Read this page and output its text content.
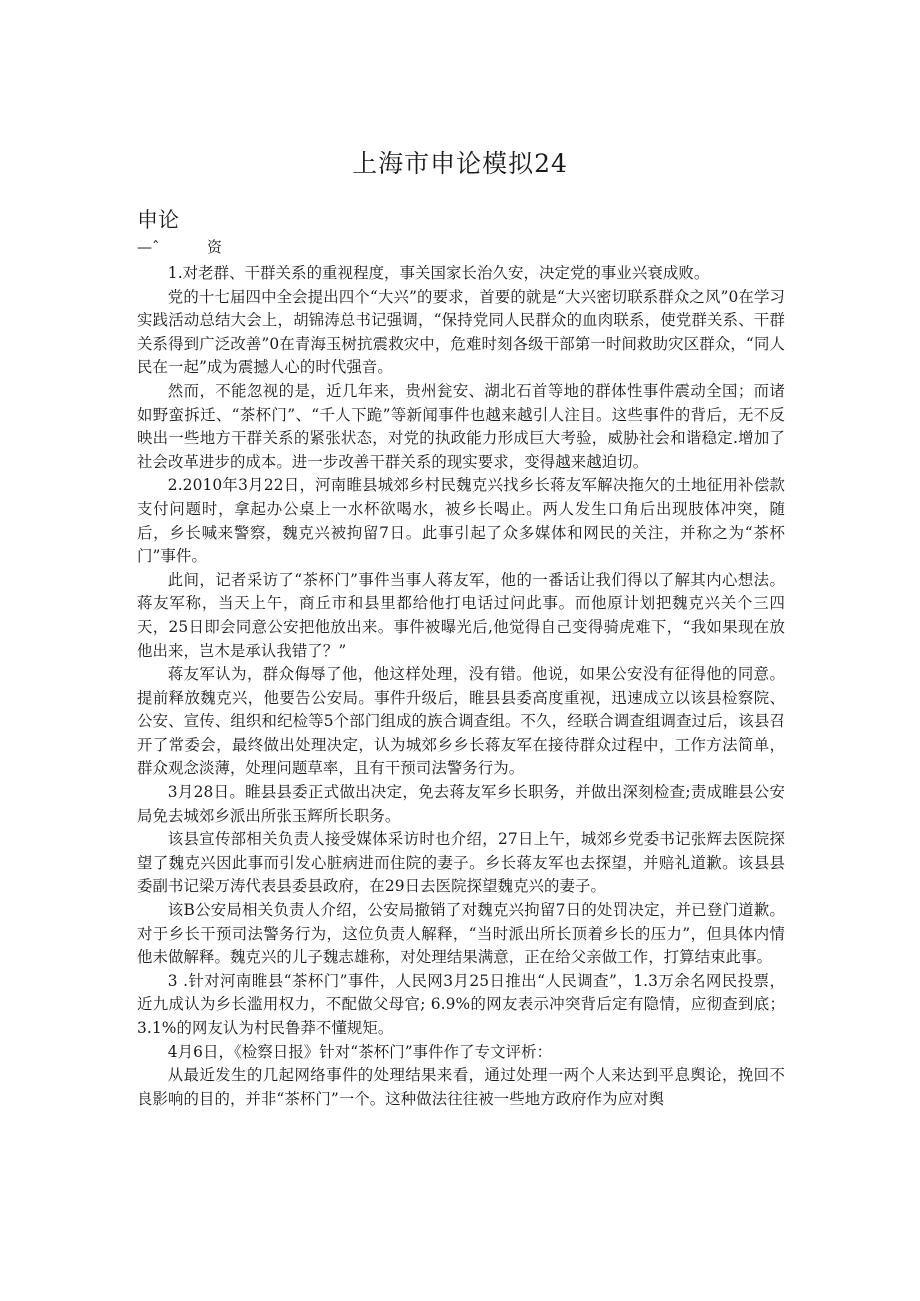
上海市申论模拟24
申论
—ˆ	资

1.对老群、干群关系的重视程度，事关国家长治久安，决定党的事业兴衰成败。

党的十七届四中全会提出四个“大兴”的要求，首要的就是“大兴密切联系群众之风”0在学习实践活动总结大会上，胡锦涛总书记强调，“保持党同人民群众的血肉联系，使党群关系、干群关系得到广泛改善”0在青海玉树抗震救灾中，危难时刻各级干部第一时间救助灾区群众，“同人民在一起”成为震撼人心的时代强音。

然而，不能忽视的是，近几年来，贵州瓮安、湖北石首等地的群体性事件震动全国；而诸如野蛮拆迁、“茶杯门”、“千人下跪”等新闻事件也越来越引人注目。这些事件的背后，无不反映出一些地方干群关系的紧张状态，对党的执政能力形成巨大考验，威胁社会和谐稳定.增加了社会改革进步的成本。进一步改善干群关系的现实要求，变得越来越迫切。

2.2010年3月22日，河南睢县城郊乡村民魏克兴找乡长蒋友军解决拖欠的土地征用补偿款支付问题时，拿起办公桌上一水杯欲喝水，被乡长喝止。两人发生口角后出现肢体冲突，随后，乡长喊来警察，魏克兴被拘留7日。此事引起了众多媒体和网民的关注，并称之为“茶杯门”事件。

此间，记者采访了“茶杯门”事件当事人蒋友军，他的一番话让我们得以了解其内心想法。蒋友军称，当天上午，商丘市和县里都给他打电话过问此事。而他原计划把魏克兴关个三四天，25日即会同意公安把他放出来。事件被曝光后,他觉得自己变得骑虎难下，“我如果现在放他出来，岂木是承认我错了？”

蒋友军认为，群众侮辱了他，他这样处理，没有错。他说，如果公安没有征得他的同意。提前释放魏克兴，他要告公安局。事件升级后，睢县县委高度重视，迅速成立以该县检察院、公安、宣传、组织和纪检等5个部门组成的族合调查组。不久，经联合调查组调查过后，该县召开了常委会，最终做出处理决定，认为城郊乡乡长蒋友军在接待群众过程中，工作方法简单，群众观念淡薄，处理问题草率，且有干预司法警务行为。

3月28日。睢县县委正式做出决定，免去蒋友军乡长职务，并做出深刻检查;责成睢县公安局免去城郊乡派出所张玉辉所长职务。

该县宣传部相关负责人接受媒体采访时也介绍，27日上午，城郊乡党委书记张辉去医院探望了魏克兴因此事而引发心脏病进而住院的妻子。乡长蒋友军也去探望，并赔礼道歉。该县县委副书记梁万涛代表县委县政府，在29日去医院探望魏克兴的妻子。

该B公安局相关负责人介绍，公安局撤销了对魏克兴拘留7日的处罚决定，并已登门道歉。对于乡长干预司法警务行为，这位负责人解释，“当时派出所长顶着乡长的压力”，但具体内情他未做解释。魏克兴的儿子魏志雄称，对处理结果满意，正在给父亲做工作，打算结束此事。

3 .针对河南睢县“茶杯门”事件，人民网3月25日推出“人民调查”，1.3万余名网民投票，近九成认为乡长滥用权力，不配做父母官; 6.9%的网友表示冲突背后定有隐情，应彻查到底；3.1%的网友认为村民鲁莽不懂规矩。

4月6日，《检察日报》针对“茶杯门”事件作了专文评析：

从最近发生的几起网络事件的处理结果来看，通过处理一两个人来达到平息舆论，挽回不良影响的目的，并非“茶杯门”一个。这种做法往往被一些地方政府作为应对舆
